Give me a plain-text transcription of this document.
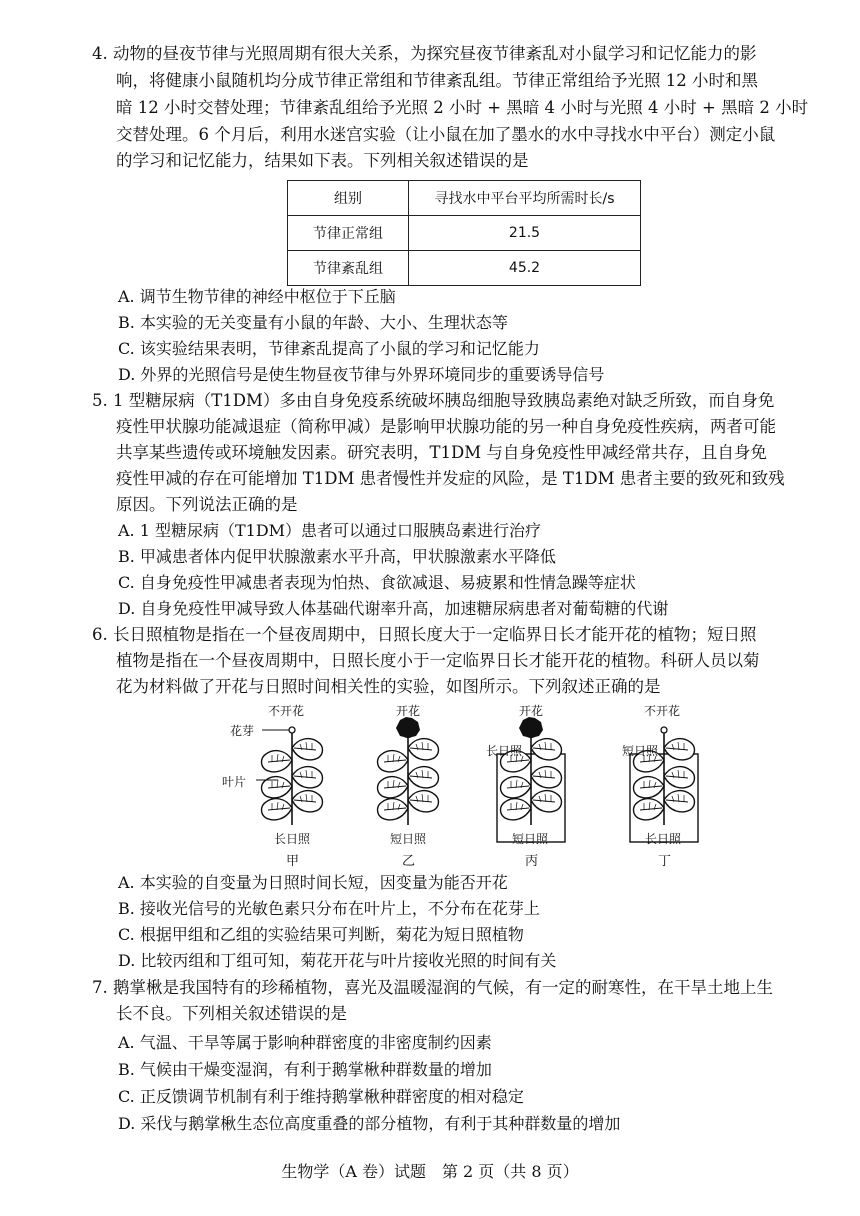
4. 动物的昼夜节律与光照周期有很大关系，为探究昼夜节律紊乱对小鼠学习和记忆能力的影
响，将健康小鼠随机均分成节律正常组和节律紊乱组。节律正常组给予光照 12 小时和黑
暗 12 小时交替处理；节律紊乱组给予光照 2 小时 + 黑暗 4 小时与光照 4 小时 + 黑暗 2 小时
交替处理。6 个月后，利用水迷宫实验（让小鼠在加了墨水的水中寻找水中平台）测定小鼠
的学习和记忆能力，结果如下表。下列相关叙述错误的是
组别	寻找水中平台平均所需时长/s
节律正常组	21.5
节律紊乱组	45.2
A. 调节生物节律的神经中枢位于下丘脑
B. 本实验的无关变量有小鼠的年龄、大小、生理状态等
C. 该实验结果表明，节律紊乱提高了小鼠的学习和记忆能力
D. 外界的光照信号是使生物昼夜节律与外界环境同步的重要诱导信号
5. 1 型糖尿病（T1DM）多由自身免疫系统破坏胰岛细胞导致胰岛素绝对缺乏所致，而自身免
疫性甲状腺功能减退症（简称甲减）是影响甲状腺功能的另一种自身免疫性疾病，两者可能
共享某些遗传或环境触发因素。研究表明，T1DM 与自身免疫性甲减经常共存，且自身免
疫性甲减的存在可能增加 T1DM 患者慢性并发症的风险，是 T1DM 患者主要的致死和致残
原因。下列说法正确的是
A. 1 型糖尿病（T1DM）患者可以通过口服胰岛素进行治疗
B. 甲减患者体内促甲状腺激素水平升高，甲状腺激素水平降低
C. 自身免疫性甲减患者表现为怕热、食欲减退、易疲累和性情急躁等症状
D. 自身免疫性甲减导致人体基础代谢率升高，加速糖尿病患者对葡萄糖的代谢
6. 长日照植物是指在一个昼夜周期中，日照长度大于一定临界日长才能开花的植物；短日照
植物是指在一个昼夜周期中，日照长度小于一定临界日长才能开花的植物。科研人员以菊
花为材料做了开花与日照时间相关性的实验，如图所示。下列叙述正确的是
不开花
花芽
叶片
长日照
甲
开花
短日照
乙
开花
长日照
短日照
丙
不开花
短日照
长日照
丁
A. 本实验的自变量为日照时间长短，因变量为能否开花
B. 接收光信号的光敏色素只分布在叶片上，不分布在花芽上
C. 根据甲组和乙组的实验结果可判断，菊花为短日照植物
D. 比较丙组和丁组可知，菊花开花与叶片接收光照的时间有关
7. 鹅掌楸是我国特有的珍稀植物，喜光及温暖湿润的气候，有一定的耐寒性，在干旱土地上生
长不良。下列相关叙述错误的是
A. 气温、干旱等属于影响种群密度的非密度制约因素
B. 气候由干燥变湿润，有利于鹅掌楸种群数量的增加
C. 正反馈调节机制有利于维持鹅掌楸种群密度的相对稳定
D. 采伐与鹅掌楸生态位高度重叠的部分植物，有利于其种群数量的增加
生物学（A 卷）试题　第 2 页（共 8 页）
